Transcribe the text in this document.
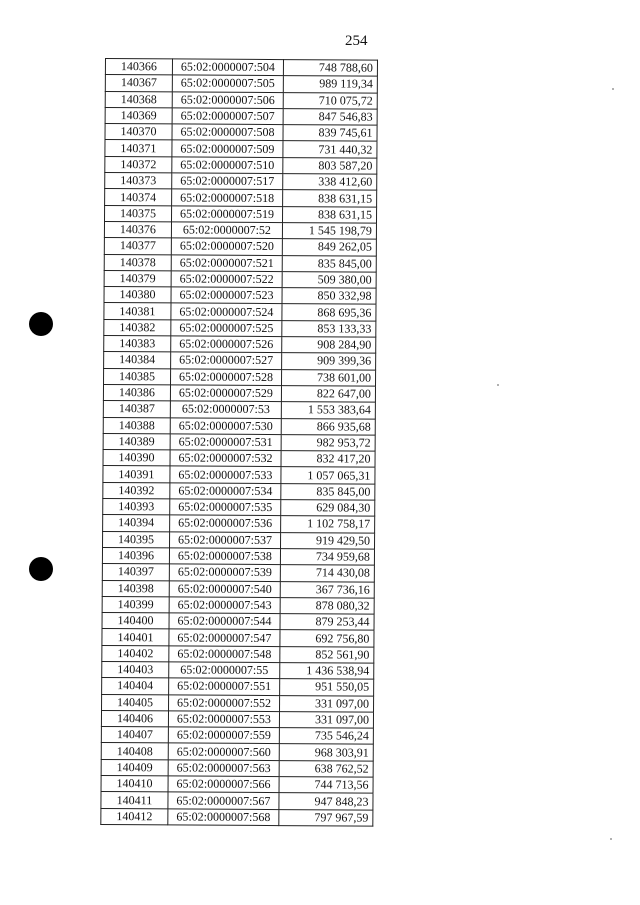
254
140366	65:02:0000007:504	748 788,60
140367	65:02:0000007:505	989 119,34
140368	65:02:0000007:506	710 075,72
140369	65:02:0000007:507	847 546,83
140370	65:02:0000007:508	839 745,61
140371	65:02:0000007:509	731 440,32
140372	65:02:0000007:510	803 587,20
140373	65:02:0000007:517	338 412,60
140374	65:02:0000007:518	838 631,15
140375	65:02:0000007:519	838 631,15
140376	65:02:0000007:52	1 545 198,79
140377	65:02:0000007:520	849 262,05
140378	65:02:0000007:521	835 845,00
140379	65:02:0000007:522	509 380,00
140380	65:02:0000007:523	850 332,98
140381	65:02:0000007:524	868 695,36
140382	65:02:0000007:525	853 133,33
140383	65:02:0000007:526	908 284,90
140384	65:02:0000007:527	909 399,36
140385	65:02:0000007:528	738 601,00
140386	65:02:0000007:529	822 647,00
140387	65:02:0000007:53	1 553 383,64
140388	65:02:0000007:530	866 935,68
140389	65:02:0000007:531	982 953,72
140390	65:02:0000007:532	832 417,20
140391	65:02:0000007:533	1 057 065,31
140392	65:02:0000007:534	835 845,00
140393	65:02:0000007:535	629 084,30
140394	65:02:0000007:536	1 102 758,17
140395	65:02:0000007:537	919 429,50
140396	65:02:0000007:538	734 959,68
140397	65:02:0000007:539	714 430,08
140398	65:02:0000007:540	367 736,16
140399	65:02:0000007:543	878 080,32
140400	65:02:0000007:544	879 253,44
140401	65:02:0000007:547	692 756,80
140402	65:02:0000007:548	852 561,90
140403	65:02:0000007:55	1 436 538,94
140404	65:02:0000007:551	951 550,05
140405	65:02:0000007:552	331 097,00
140406	65:02:0000007:553	331 097,00
140407	65:02:0000007:559	735 546,24
140408	65:02:0000007:560	968 303,91
140409	65:02:0000007:563	638 762,52
140410	65:02:0000007:566	744 713,56
140411	65:02:0000007:567	947 848,23
140412	65:02:0000007:568	797 967,59
